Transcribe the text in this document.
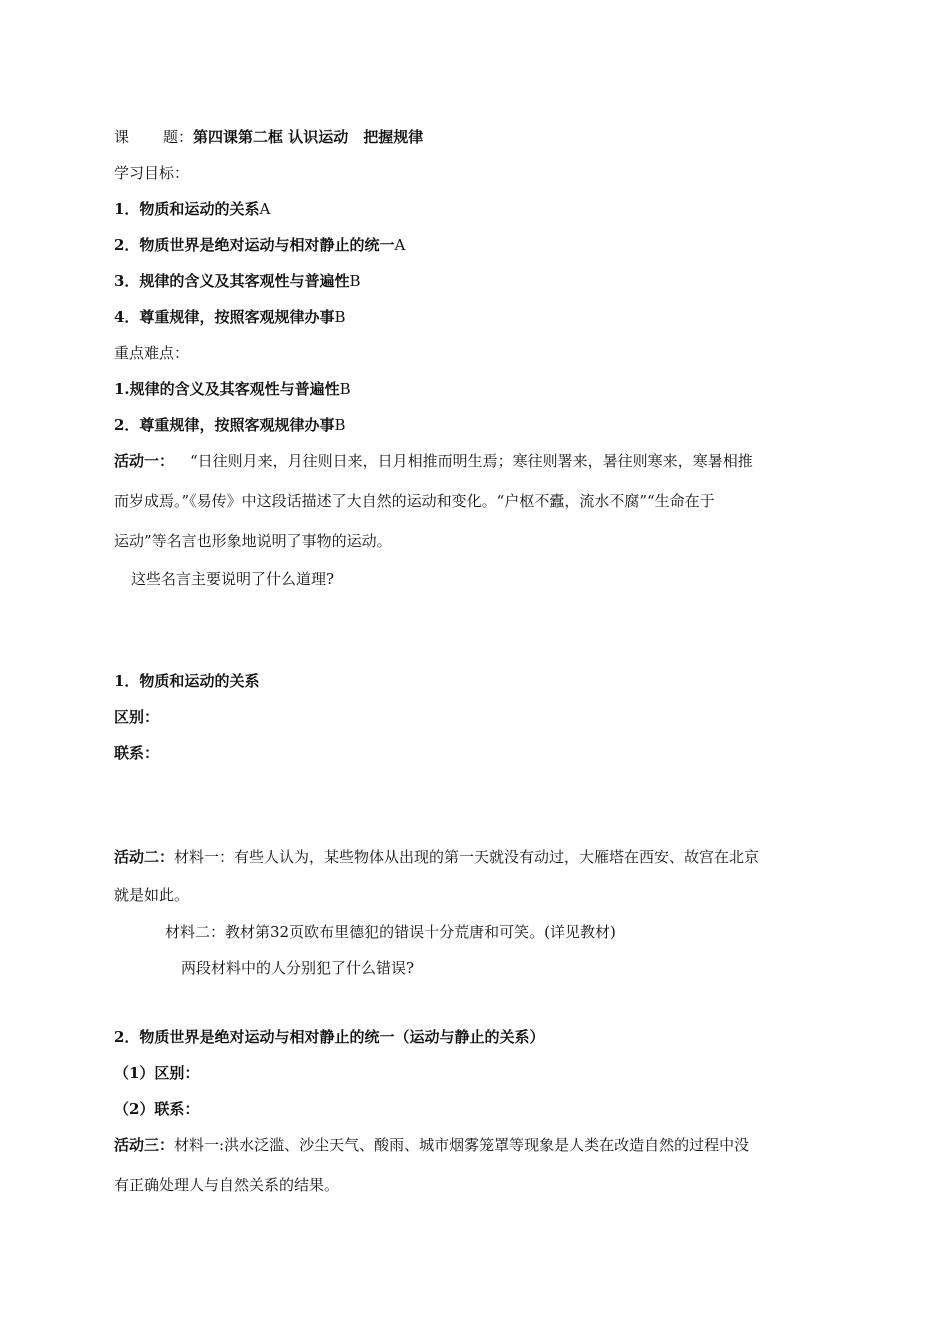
课 题：第四课第二框 认识运动　把握规律
学习目标：
1．物质和运动的关系A
2．物质世界是绝对运动与相对静止的统一A
3．规律的含义及其客观性与普遍性B
4．尊重规律，按照客观规律办事B
重点难点：
1.规律的含义及其客观性与普遍性B
2．尊重规律，按照客观规律办事B
活动一： “日往则月来，月往则日来，日月相推而明生焉；寒往则署来，暑往则寒来，寒暑相推
而岁成焉。”《易传》中这段话描述了大自然的运动和变化。“户枢不蠹，流水不腐”“生命在于
运动”等名言也形象地说明了事物的运动。
这些名言主要说明了什么道理?
1．物质和运动的关系
区别：
联系：
活动二：材料一：有些人认为，某些物体从出现的第一天就没有动过，大雁塔在西安、故宫在北京
就是如此。
材料二：教材第32页欧布里德犯的错误十分荒唐和可笑。(详见教材)
两段材料中的人分别犯了什么错误?
2．物质世界是绝对运动与相对静止的统一（运动与静止的关系）
（1）区别：
（2）联系：
活动三：材料一:洪水泛滥、沙尘天气、酸雨、城市烟雾笼罩等现象是人类在改造自然的过程中没
有正确处理人与自然关系的结果。
